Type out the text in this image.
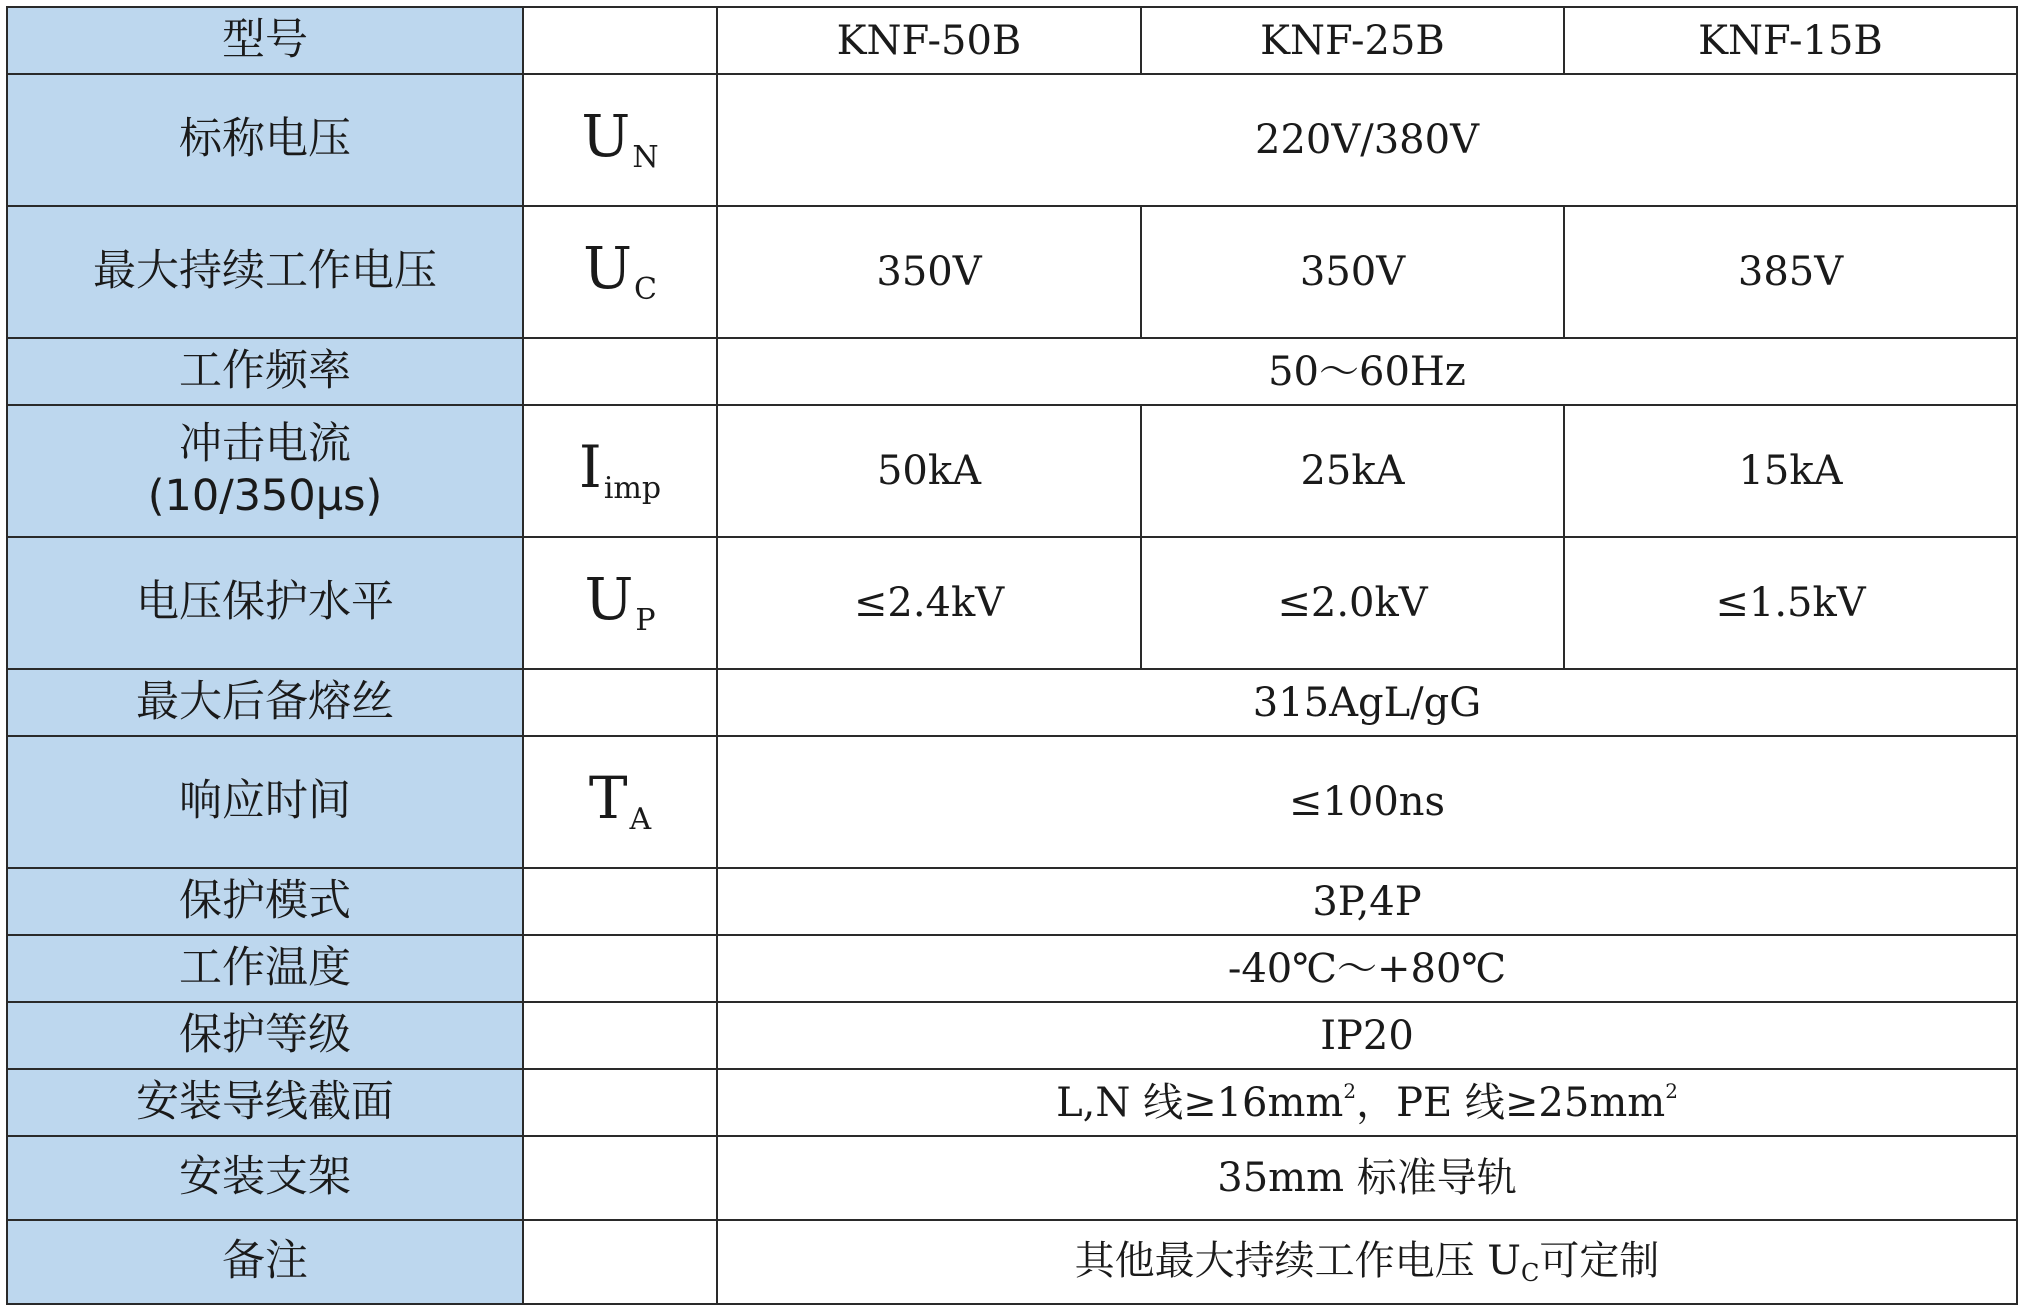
型号		KNF-50B	KNF-25B	KNF-15B
标称电压	$U_N$	220V/380V		
最大持续工作电压	$U_C$	350V	350V	385V
工作频率		50～60Hz		

冲击电流
(10/350μs)	$I_{imp}$	50kA	25kA	15kA
电压保护水平	$U_P$	≤2.4kV	≤2.0kV	≤1.5kV
最大后备熔丝		315AgL/gG		
响应时间	$T_A$	≤100ns		
保护模式		3P,4P		
工作温度		-40℃～+80℃		
保护等级		IP20		
安装导线截面		L,N 线$\ge 16mm^2$，PE 线$\ge 25mm^2$
安装支架		35mm 标准导轨		
备注		其他最大持续工作电压 UC可定制		
